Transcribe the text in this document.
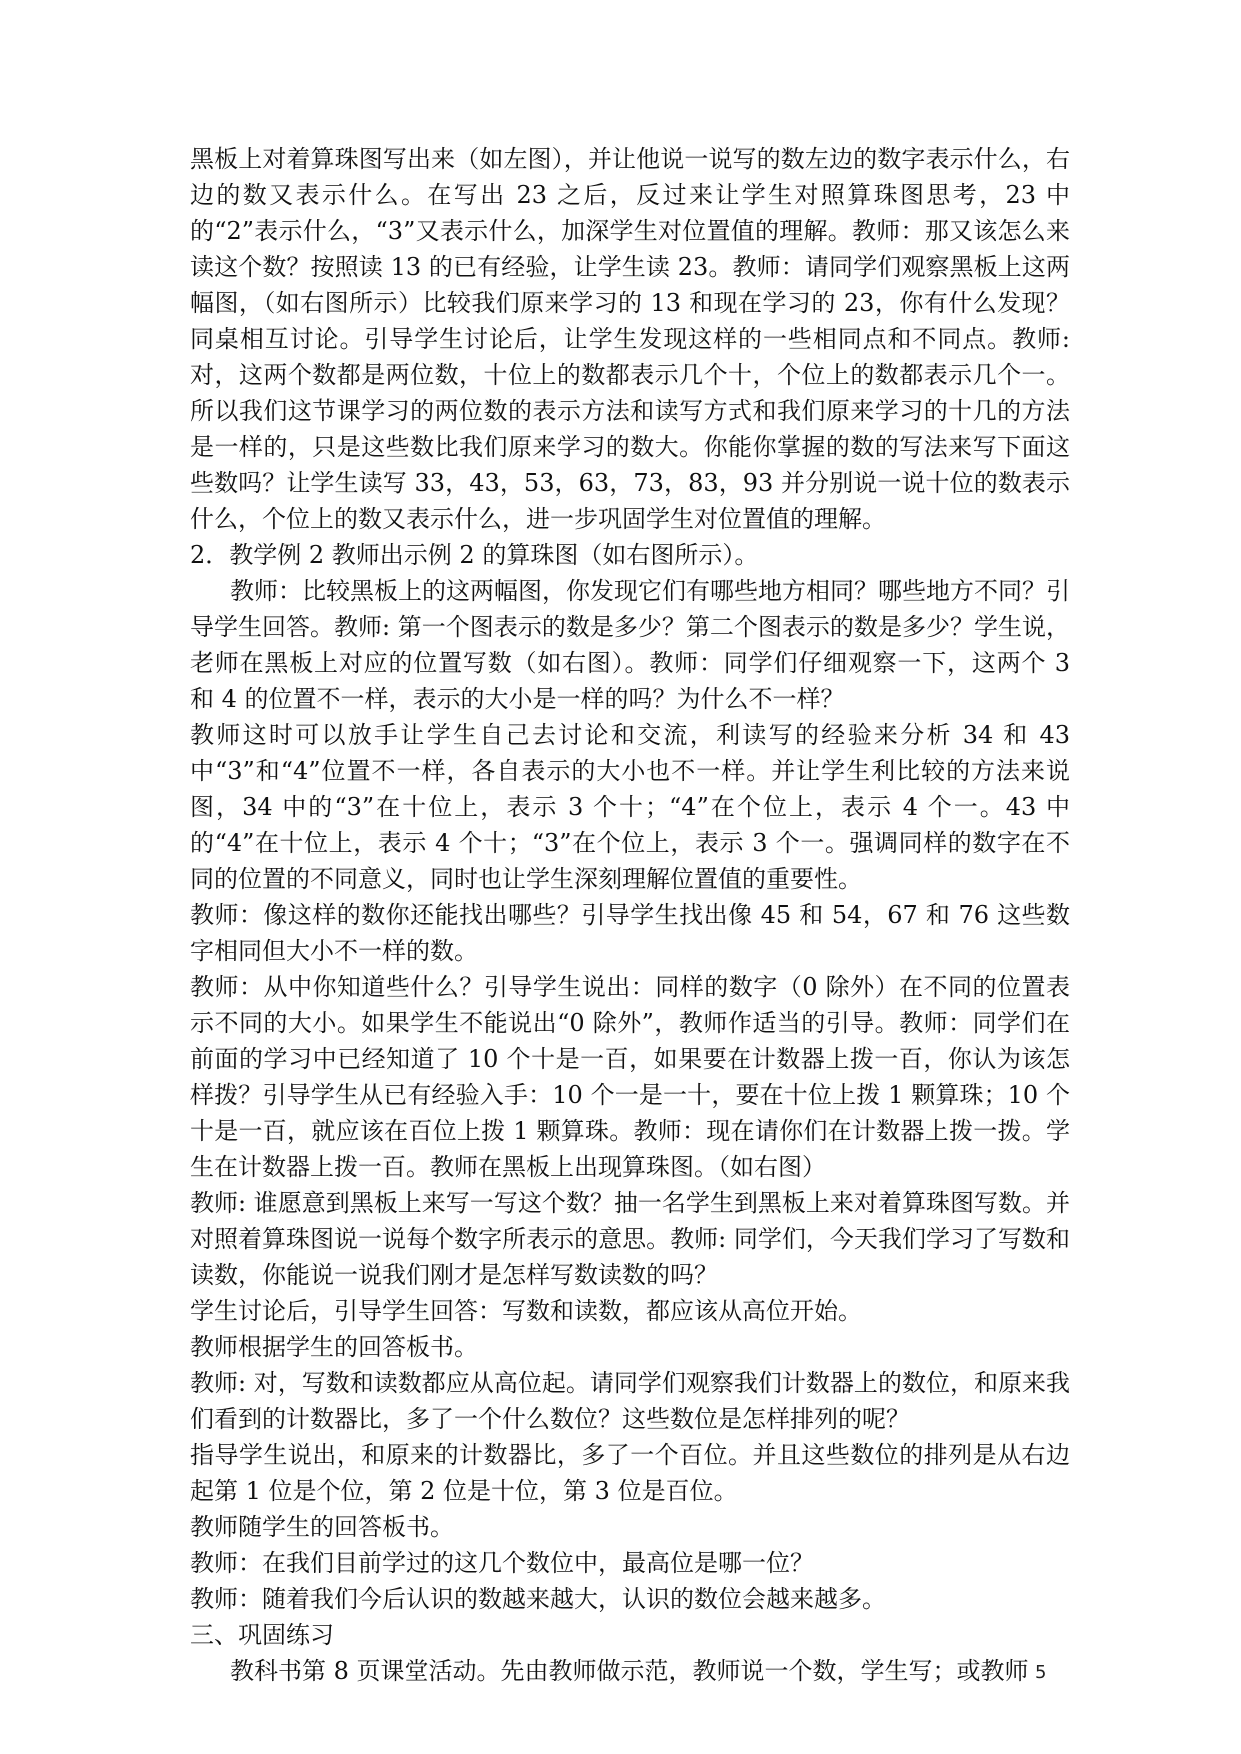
黑板上对着算珠图写出来（如左图），并让他说一说写的数左边的数字表示什么，右边的数又表示什么。在写出 23 之后，反过来让学生对照算珠图思考，23 中的“2”表示什么，“3”又表示什么，加深学生对位置值的理解。教师：那又该怎么来读这个数？按照读 13 的已有经验，让学生读 23。教师：请同学们观察黑板上这两幅图，（如右图所示）比较我们原来学习的 13 和现在学习的 23，你有什么发现？同桌相互讨论。引导学生讨论后，让学生发现这样的一些相同点和不同点。教师: 对，这两个数都是两位数，十位上的数都表示几个十，个位上的数都表示几个一。所以我们这节课学习的两位数的表示方法和读写方式和我们原来学习的十几的方法是一样的，只是这些数比我们原来学习的数大。你能你掌握的数的写法来写下面这些数吗？让学生读写 33，43，53，63，73，83，93 并分别说一说十位的数表示什么，个位上的数又表示什么，进一步巩固学生对位置值的理解。

2．教学例 2 教师出示例 2 的算珠图（如右图所示）。

教师：比较黑板上的这两幅图，你发现它们有哪些地方相同？哪些地方不同？引导学生回答。教师: 第一个图表示的数是多少？第二个图表示的数是多少？学生说，老师在黑板上对应的位置写数（如右图）。教师：同学们仔细观察一下，这两个 3 和 4 的位置不一样，表示的大小是一样的吗？为什么不一样？

教师这时可以放手让学生自己去讨论和交流，利读写的经验来分析 34 和 43 中“3”和“4”位置不一样，各自表示的大小也不一样。并让学生利比较的方法来说图，34 中的“3”在十位上，表示 3 个十；“4”在个位上，表示 4 个一。43 中的“4”在十位上，表示 4 个十；“3”在个位上，表示 3 个一。强调同样的数字在不同的位置的不同意义，同时也让学生深刻理解位置值的重要性。

教师：像这样的数你还能找出哪些？引导学生找出像 45 和 54，67 和 76 这些数字相同但大小不一样的数。

教师：从中你知道些什么？引导学生说出：同样的数字（0 除外）在不同的位置表示不同的大小。如果学生不能说出“0 除外”，教师作适当的引导。教师：同学们在前面的学习中已经知道了 10 个十是一百，如果要在计数器上拨一百，你认为该怎样拨？引导学生从已有经验入手：10 个一是一十，要在十位上拨 1 颗算珠；10 个十是一百，就应该在百位上拨 1 颗算珠。教师：现在请你们在计数器上拨一拨。学生在计数器上拨一百。教师在黑板上出现算珠图。（如右图）

教师: 谁愿意到黑板上来写一写这个数？抽一名学生到黑板上来对着算珠图写数。并对照着算珠图说一说每个数字所表示的意思。教师: 同学们，今天我们学习了写数和读数，你能说一说我们刚才是怎样写数读数的吗？

学生讨论后，引导学生回答：写数和读数，都应该从高位开始。

教师根据学生的回答板书。

教师: 对，写数和读数都应从高位起。请同学们观察我们计数器上的数位，和原来我们看到的计数器比，多了一个什么数位？这些数位是怎样排列的呢？

指导学生说出，和原来的计数器比，多了一个百位。并且这些数位的排列是从右边起第 1 位是个位，第 2 位是十位，第 3 位是百位。

教师随学生的回答板书。

教师：在我们目前学过的这几个数位中，最高位是哪一位？

教师：随着我们今后认识的数越来越大，认识的数位会越来越多。

三、巩固练习

教科书第 8 页课堂活动。先由教师做示范，教师说一个数，学生写；或教师 5
